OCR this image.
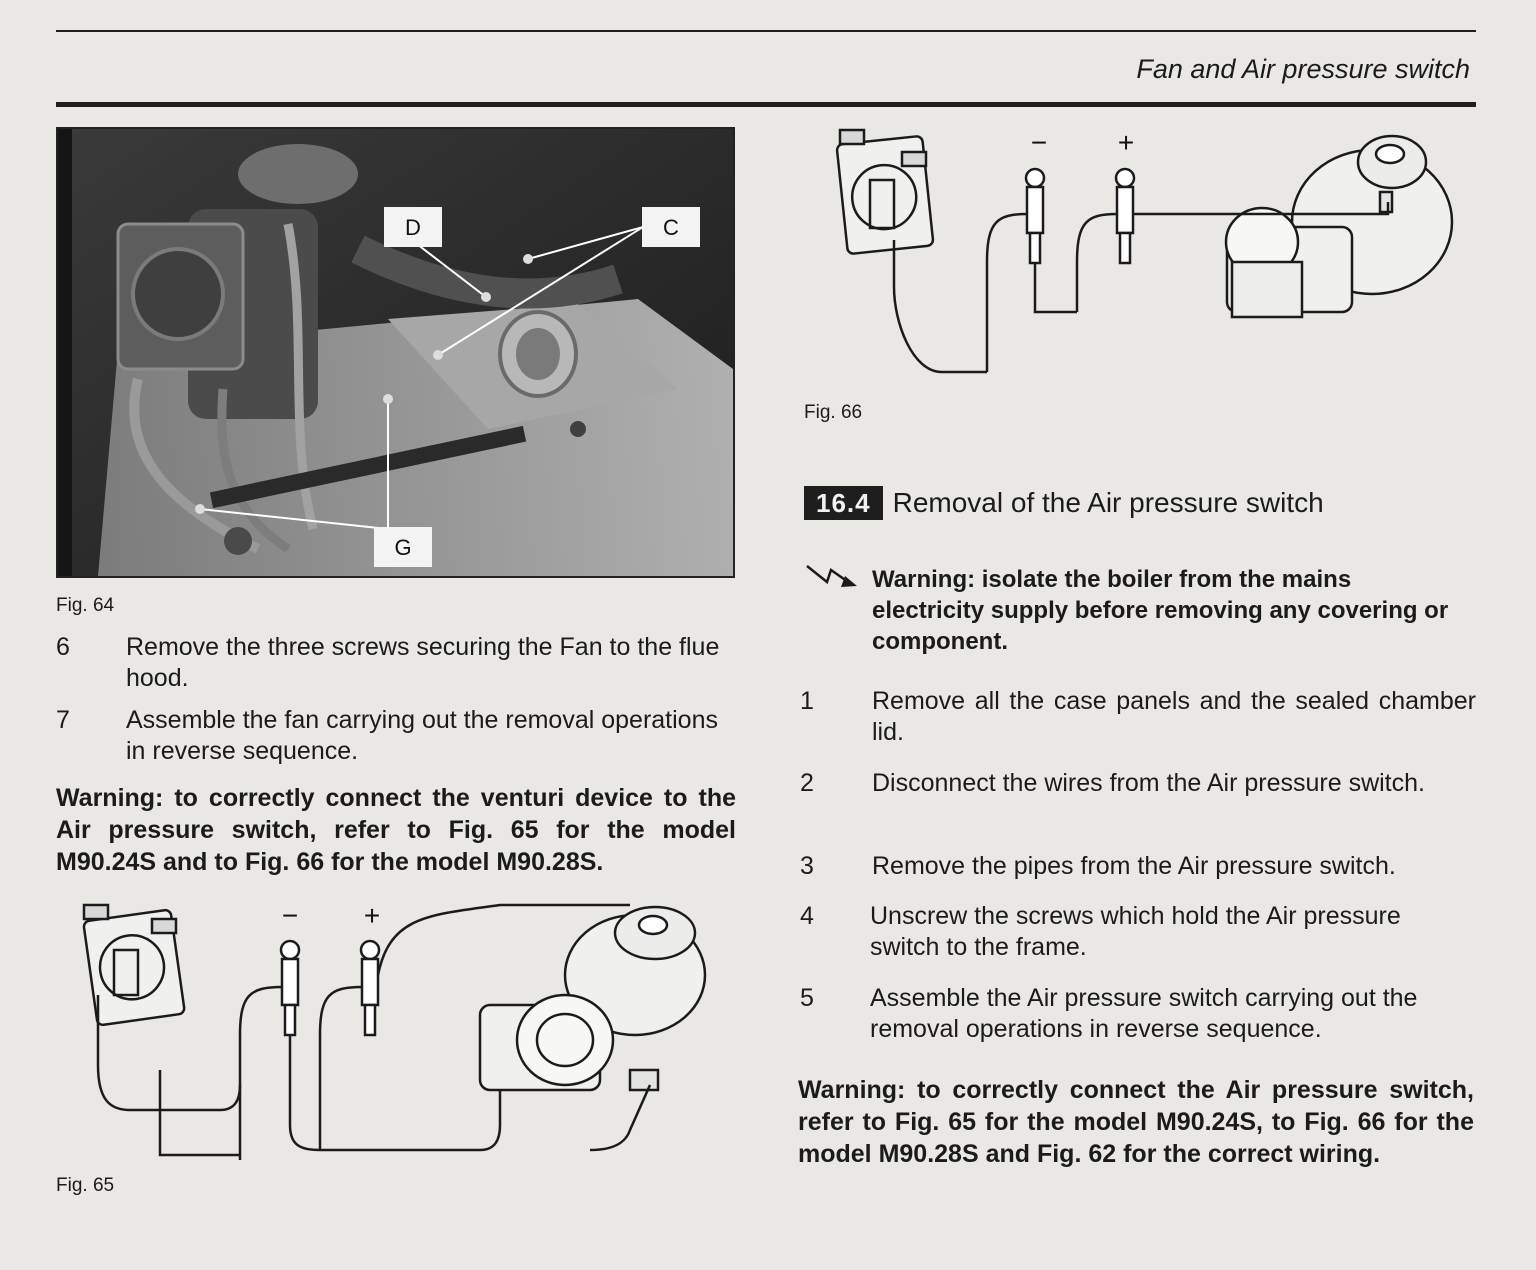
Fan and Air pressure switch
D	C
G
Fig. 64
6 Remove the three screws securing the Fan to the flue hood.
7 Assemble the fan carrying out the removal operations in reverse sequence.
Warning: to correctly connect the venturi device to the Air pressure switch, refer to Fig. 65 for the model M90.24S and to Fig. 66 for the model M90.28S.
− +
Fig. 65
−	+
Fig. 66
16.4 Removal of the Air pressure switch
Warning: isolate the boiler from the mains electricity supply before removing any covering or component.
1 Remove all the case panels and the sealed chamber lid.
2 Disconnect the wires from the Air pressure switch.
3 Remove the pipes from the Air pressure switch.
4 Unscrew the screws which hold the Air pressure switch to the frame.
5 Assemble the Air pressure switch carrying out the removal operations in reverse sequence.
Warning: to correctly connect the Air pressure switch, refer to Fig. 65 for the model M90.24S, to Fig. 66 for the model M90.28S and Fig. 62 for the correct wiring.
